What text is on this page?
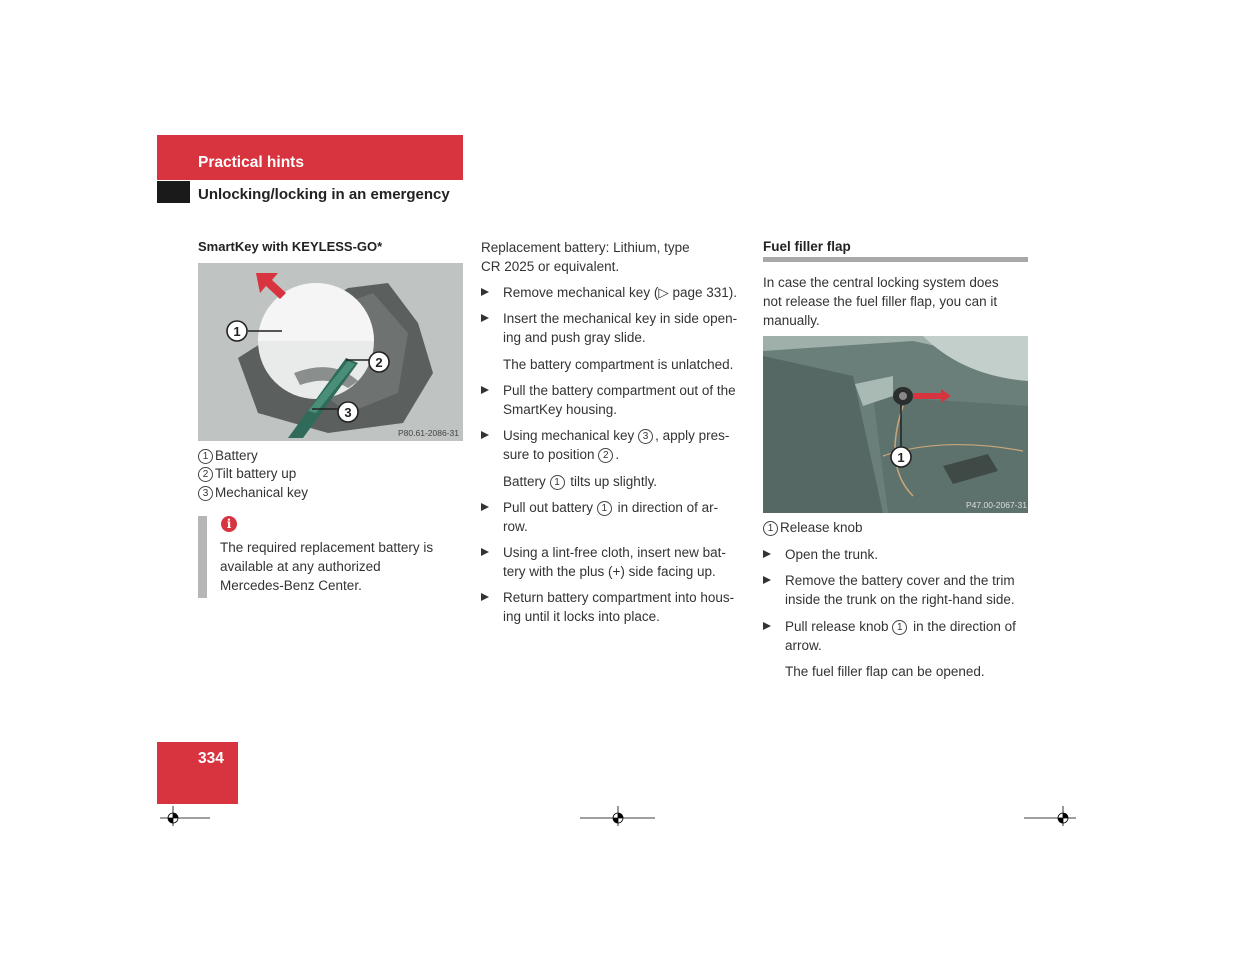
Practical hints
Unlocking/locking in an emergency
SmartKey with KEYLESS-GO*
1
2
3
P80.61-2086-31
1 Battery
2 Tilt battery up
3 Mechanical key
i
The required replacement battery is
available at any authorized
Mercedes-Benz Center.
Replacement battery: Lithium, type
CR 2025 or equivalent.
Remove mechanical key (▷ page 331).
Insert the mechanical key in side open-
ing and push gray slide.
The battery compartment is unlatched.
Pull the battery compartment out of the
SmartKey housing.
Using mechanical key 3 , apply pres-
sure to position 2 .
Battery 1 tilts up slightly.
Pull out battery 1 in direction of ar-
row.
Using a lint-free cloth, insert new bat-
tery with the plus (+) side facing up.
Return battery compartment into hous-
ing until it locks into place.
Fuel filler flap
In case the central locking system does
not release the fuel filler flap, you can it
manually.
1
P47.00-2067-31
1 Release knob
Open the trunk.
Remove the battery cover and the trim
inside the trunk on the right-hand side.
Pull release knob 1 in the direction of
arrow.
The fuel filler flap can be opened.
334
